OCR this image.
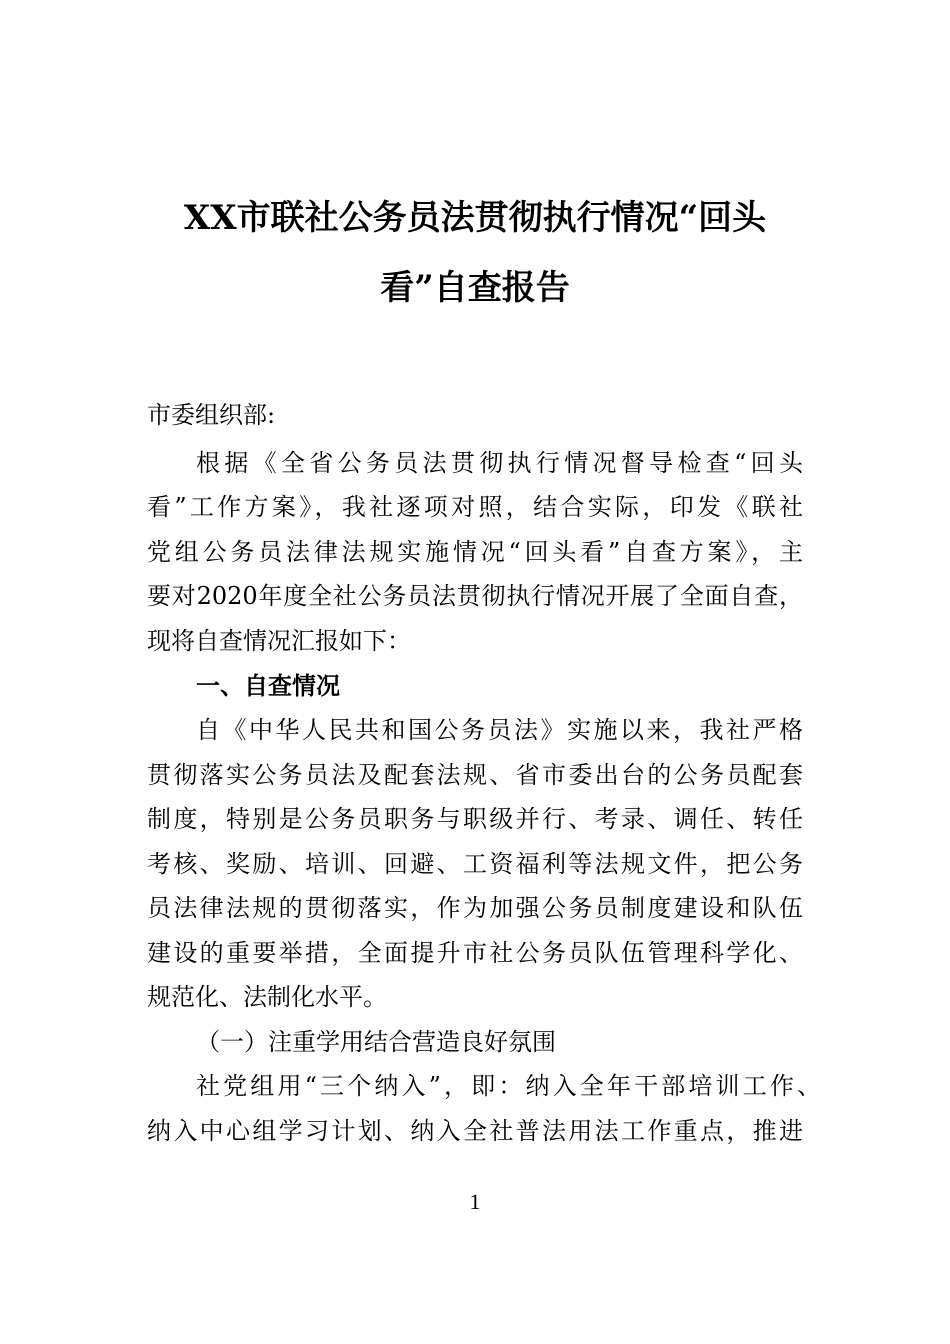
XX市联社公务员法贯彻执行情况“回头
看”自查报告
市委组织部:
根据《全省公务员法贯彻执行情况督导检查“回头
看”工作方案》，我社逐项对照，结合实际，印发《联社
党组公务员法律法规实施情况“回头看”自查方案》，主
要对2020年度全社公务员法贯彻执行情况开展了全面自查，
现将自查情况汇报如下：
一、自查情况
自《中华人民共和国公务员法》实施以来，我社严格
贯彻落实公务员法及配套法规、省市委出台的公务员配套
制度，特别是公务员职务与职级并行、考录、调任、转任
考核、奖励、培训、回避、工资福利等法规文件，把公务
员法律法规的贯彻落实，作为加强公务员制度建设和队伍
建设的重要举措，全面提升市社公务员队伍管理科学化、
规范化、法制化水平。
（一）注重学用结合营造良好氛围
社党组用“三个纳入”，即：纳入全年干部培训工作、
纳入中心组学习计划、纳入全社普法用法工作重点，推进
1
